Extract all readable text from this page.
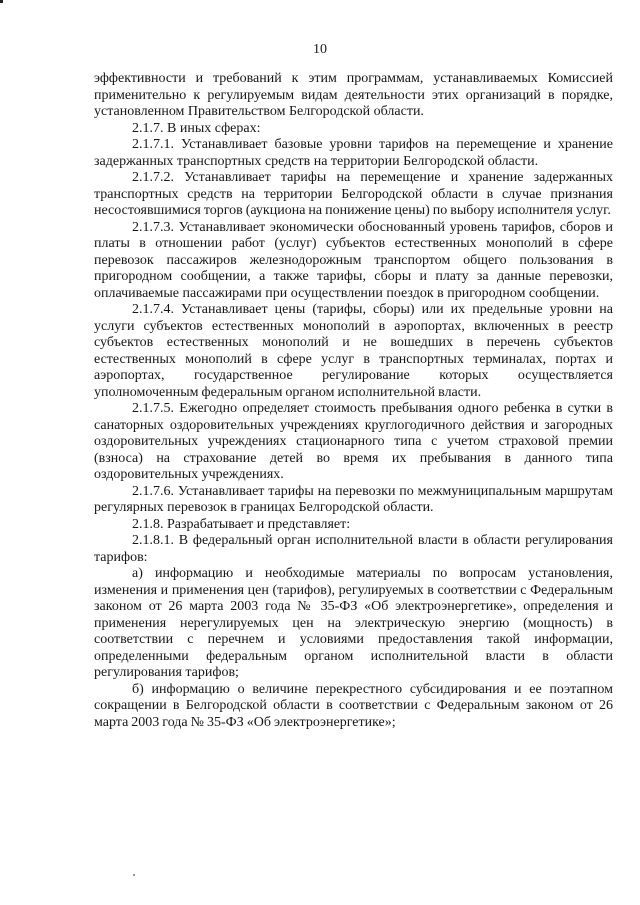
10

эффективности и требований к этим программам, устанавливаемых Комиссией применительно к регулируемым видам деятельности этих организаций в порядке, установленном Правительством Белгородской области.

2.1.7. В иных сферах:

2.1.7.1. Устанавливает базовые уровни тарифов на перемещение и хранение задержанных транспортных средств на территории Белгородской области.

2.1.7.2. Устанавливает тарифы на перемещение и хранение задержанных транспортных средств на территории Белгородской области в случае признания несостоявшимися торгов (аукциона на понижение цены) по выбору исполнителя услуг.

2.1.7.3. Устанавливает экономически обоснованный уровень тарифов, сборов и платы в отношении работ (услуг) субъектов естественных монополий в сфере перевозок пассажиров железнодорожным транспортом общего пользования в пригородном сообщении, а также тарифы, сборы и плату за данные перевозки, оплачиваемые пассажирами при осуществлении поездок в пригородном сообщении.

2.1.7.4. Устанавливает цены (тарифы, сборы) или их предельные уровни на услуги субъектов естественных монополий в аэропортах, включенных в реестр субъектов естественных монополий и не вошедших в перечень субъектов естественных монополий в сфере услуг в транспортных терминалах, портах и аэропортах, государственное регулирование которых осуществляется уполномоченным федеральным органом исполнительной власти.

2.1.7.5. Ежегодно определяет стоимость пребывания одного ребенка в сутки в санаторных оздоровительных учреждениях круглогодичного действия и загородных оздоровительных учреждениях стационарного типа с учетом страховой премии (взноса) на страхование детей во время их пребывания в данного типа оздоровительных учреждениях.

2.1.7.6. Устанавливает тарифы на перевозки по межмуниципальным маршрутам регулярных перевозок в границах Белгородской области.

2.1.8. Разрабатывает и представляет:

2.1.8.1. В федеральный орган исполнительной власти в области регулирования тарифов:

а) информацию и необходимые материалы по вопросам установления, изменения и применения цен (тарифов), регулируемых в соответствии с Федеральным законом от 26 марта 2003 года № 35-ФЗ «Об электроэнергетике», определения и применения нерегулируемых цен на электрическую энергию (мощность) в соответствии с перечнем и условиями предоставления такой информации, определенными федеральным органом исполнительной власти в области регулирования тарифов;

б) информацию о величине перекрестного субсидирования и ее поэтапном сокращении в Белгородской области в соответствии с Федеральным законом от 26 марта 2003 года № 35-ФЗ «Об электроэнергетике»;
